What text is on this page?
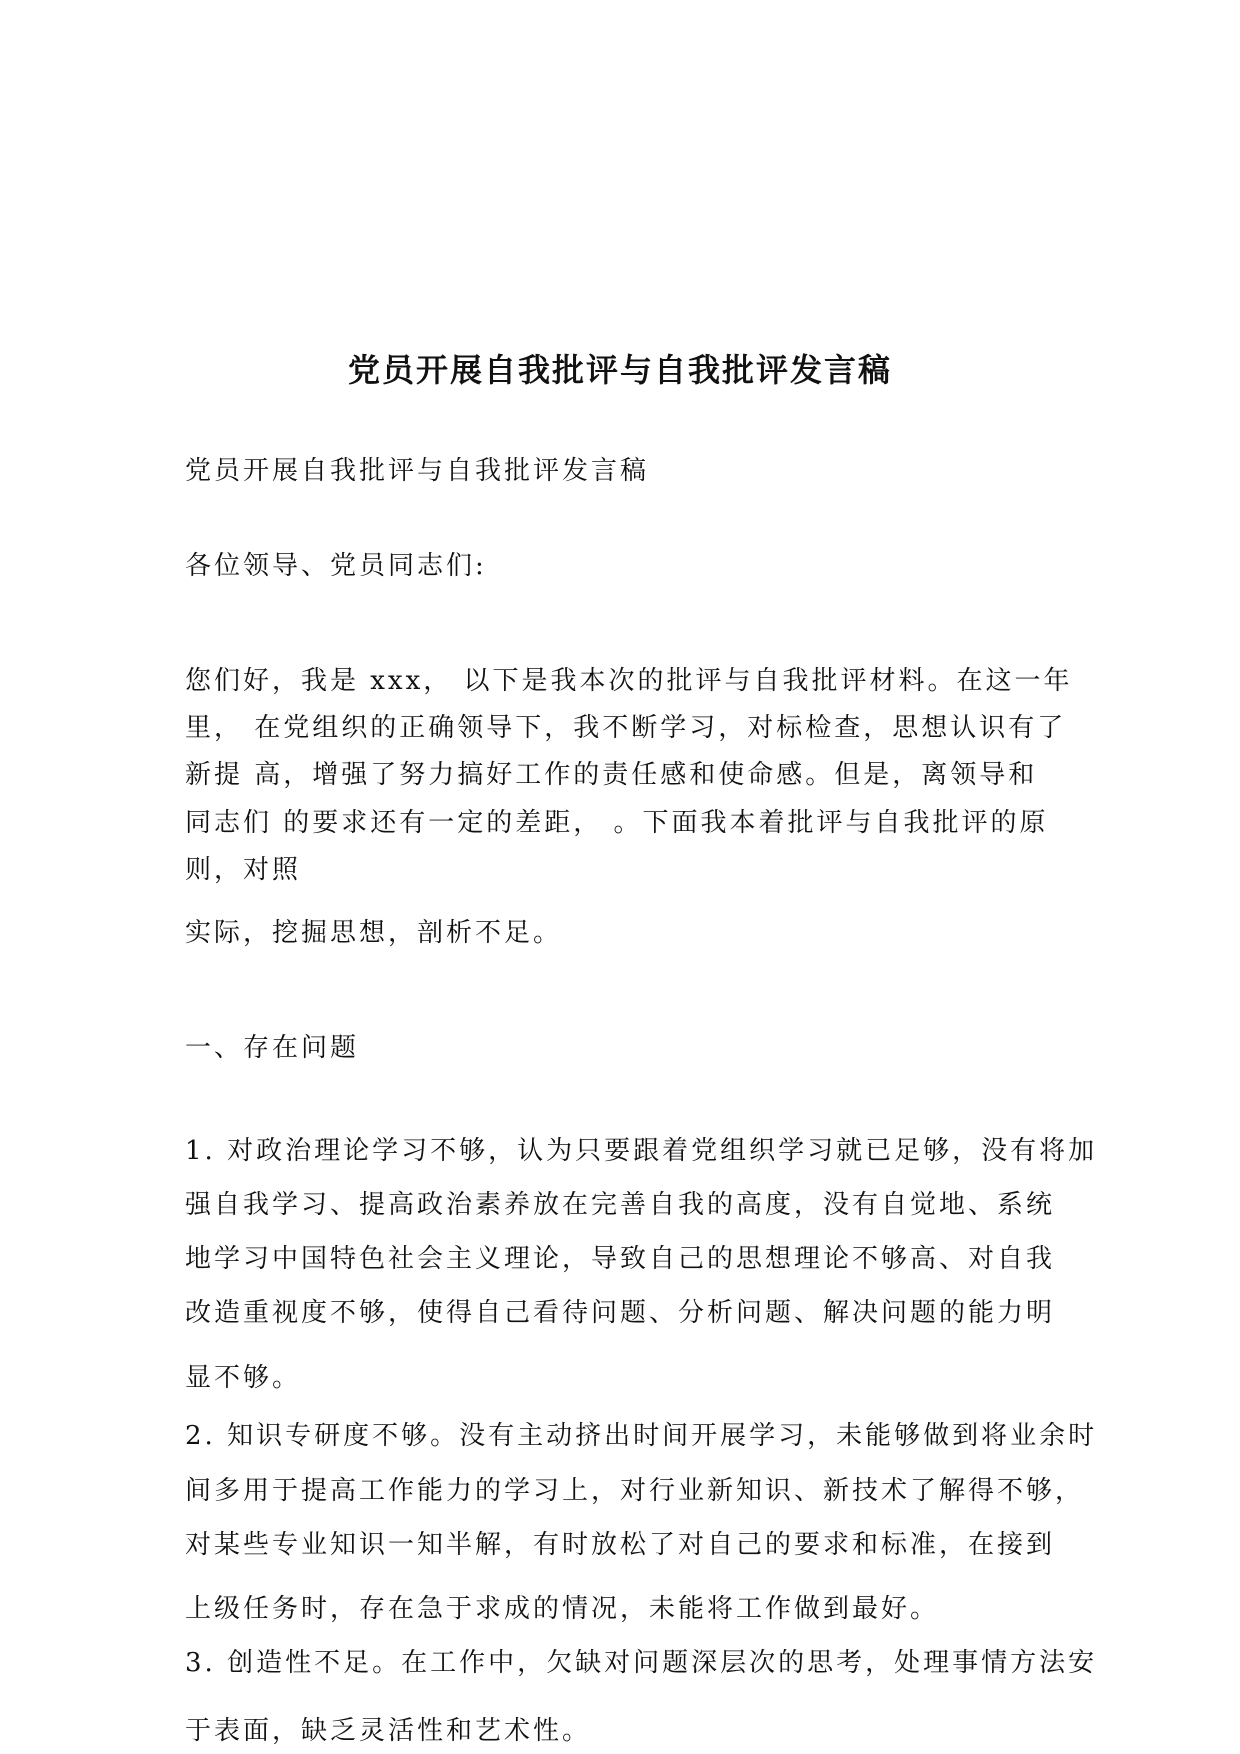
党员开展自我批评与自我批评发言稿
党员开展自我批评与自我批评发言稿
各位领导、党员同志们:
您们好，我是 xxx， 以下是我本次的批评与自我批评材料。在这一年
里， 在党组织的正确领导下，我不断学习，对标检查，思想认识有了
新提 高，增强了努力搞好工作的责任感和使命感。但是，离领导和
同志们 的要求还有一定的差距， 。下面我本着批评与自我批评的原
则，对照
实际，挖掘思想，剖析不足。
一、存在问题
1. 对政治理论学习不够，认为只要跟着党组织学习就已足够，没有将加
强自我学习、提高政治素养放在完善自我的高度，没有自觉地、系统
地学习中国特色社会主义理论，导致自己的思想理论不够高、对自我
改造重视度不够，使得自己看待问题、分析问题、解决问题的能力明
显不够。
2. 知识专研度不够。没有主动挤出时间开展学习，未能够做到将业余时
间多用于提高工作能力的学习上，对行业新知识、新技术了解得不够，
对某些专业知识一知半解，有时放松了对自己的要求和标准，在接到
上级任务时，存在急于求成的情况，未能将工作做到最好。
3. 创造性不足。在工作中，欠缺对问题深层次的思考，处理事情方法安
于表面，缺乏灵活性和艺术性。
